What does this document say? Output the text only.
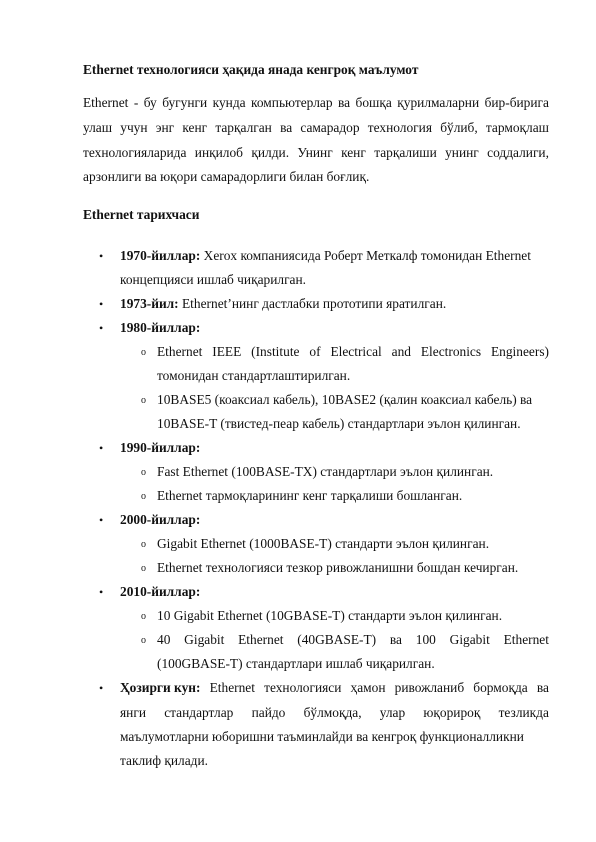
Ethernet технологияси ҳақида янада кенгроқ маълумот
Ethernet - бу бугунги кунда компьютерлар ва бошқа қурилмаларни бир-бирига
улаш учун энг кенг тарқалган ва самарадор технология бўлиб, тармоқлаш
технологияларида инқилоб қилди. Унинг кенг тарқалиши унинг соддалиги,
арзонлиги ва юқори самарадорлиги билан боғлиқ.
Ethernet тарихчаси
• 1970-йиллар: Xerox компаниясида Роберт Меткалф томонидан Ethernet
концепцияси ишлаб чиқарилган.
• 1973-йил: Ethernet’нинг дастлабки прототипи яратилган.
• 1980-йиллар:
o Ethernet IEEE (Institute of Electrical and Electronics Engineers)
томонидан стандартлаштирилган.
o 10BASE5 (коаксиал кабель), 10BASE2 (қалин коаксиал кабель) ва
10BASE-T (твистед-пеар кабель) стандартлари эълон қилинган.
• 1990-йиллар:
o Fast Ethernet (100BASE-TX) стандартлари эълон қилинган.
o Ethernet тармоқларининг кенг тарқалиши бошланган.
• 2000-йиллар:
o Gigabit Ethernet (1000BASE-T) стандарти эълон қилинган.
o Ethernet технологияси тезкор ривожланишни бошдан кечирган.
• 2010-йиллар:
o 10 Gigabit Ethernet (10GBASE-T) стандарти эълон қилинган.
o 40 Gigabit Ethernet (40GBASE-T) ва 100 Gigabit Ethernet
(100GBASE-T) стандартлари ишлаб чиқарилган.
• Ҳозирги кун: Ethernet технологияси ҳамон ривожланиб бормоқда ва
янги стандартлар пайдо бўлмоқда, улар юқорироқ тезликда
маълумотларни юборишни таъминлайди ва кенгроқ функционалликни
таклиф қилади.
